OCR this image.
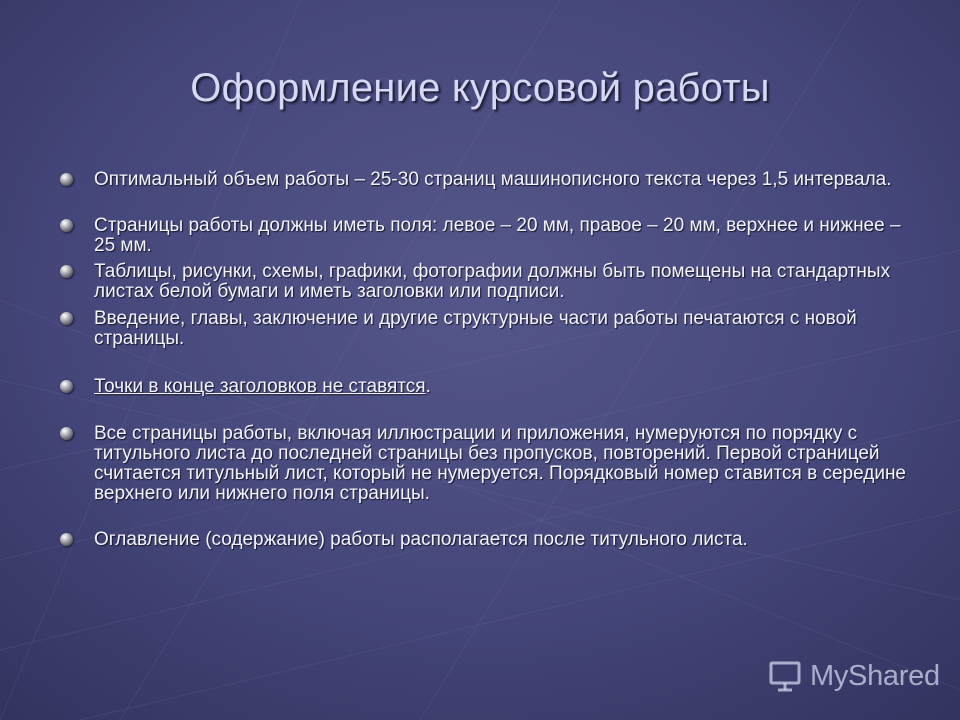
Оформление курсовой работы
Оптимальный объем работы – 25-30 страниц машинописного текста через 1,5 интервала.
Страницы работы должны иметь поля: левое – 20 мм, правое – 20 мм, верхнее и нижнее – 25 мм.
Таблицы, рисунки, схемы, графики, фотографии должны быть помещены на стандартных листах белой бумаги и иметь заголовки или подписи.
Введение, главы, заключение и другие структурные части работы печатаются с новой страницы.
Точки в конце заголовков не ставятся.
Все страницы работы, включая иллюстрации и приложения, нумеруются по порядку с титульного листа до последней страницы без пропусков, повторений. Первой страницей считается титульный лист, который не нумеруется. Порядковый номер ставится в середине верхнего или нижнего поля страницы.
Оглавление (содержание) работы располагается после титульного листа.
MyShared
